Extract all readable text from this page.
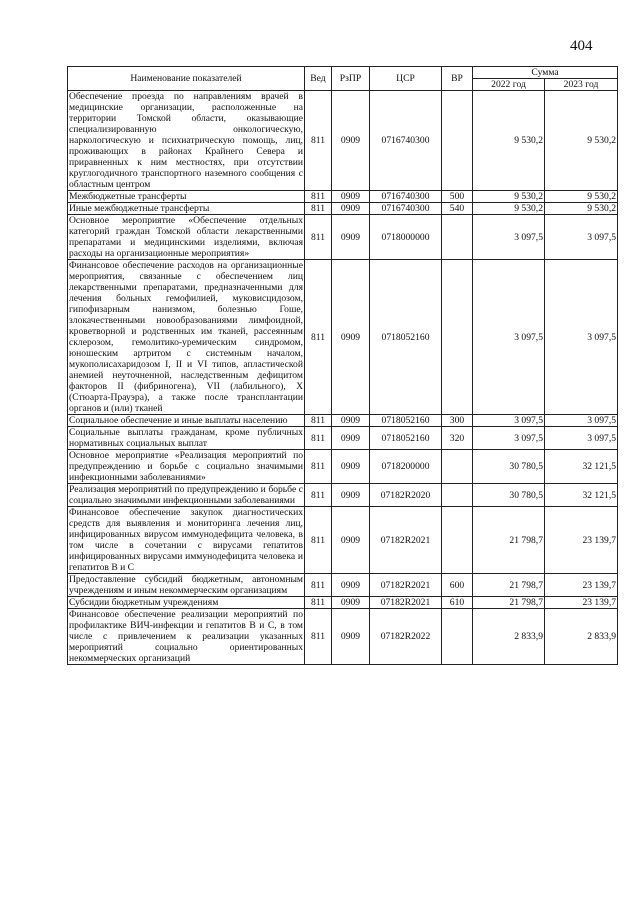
404
Наименование показателей	Вед	РзПР	ЦСР	ВР	Сумма	
					2022 год	2023 год
Обеспечение проезда по направлениям врачей в медицинские организации, расположенные на территории Томской области, оказывающие специализированную онкологическую, наркологическую и психиатрическую помощь, лиц, проживающих в районах Крайнего Севера и приравненных к ним местностях, при отсутствии круглогодичного транспортного наземного сообщения с областным центром	811	0909	0716740300		9 530,2	9 530,2
Межбюджетные трансферты	811	0909	0716740300	500	9 530,2	9 530,2
Иные межбюджетные трансферты	811	0909	0716740300	540	9 530,2	9 530,2
Основное мероприятие «Обеспечение отдельных категорий граждан Томской области лекарственными препаратами и медицинскими изделиями, включая расходы на организационные мероприятия»	811	0909	0718000000		3 097,5	3 097,5
Финансовое обеспечение расходов на организационные мероприятия, связанные с обеспечением лиц лекарственными препаратами, предназначенными для лечения больных гемофилией, муковисцидозом, гипофизарным нанизмом, болезнью Гоше, злокачественными новообразованиями лимфоидной, кроветворной и родственных им тканей, рассеянным склерозом, гемолитико-уремическим синдромом, юношеским артритом с системным началом, мукополисахаридозом I, II и VI типов, апластической анемией неуточненной, наследственным дефицитом факторов II (фибриногена), VII (лабильного), X (Стюарта-Прауэра), а также после трансплантации органов и (или) тканей	811	0909	0718052160		3 097,5	3 097,5
Социальное обеспечение и иные выплаты населению	811	0909	0718052160	300	3 097,5	3 097,5
Социальные выплаты гражданам, кроме публичных нормативных социальных выплат	811	0909	0718052160	320	3 097,5	3 097,5
Основное мероприятие «Реализация мероприятий по предупреждению и борьбе с социально значимыми инфекционными заболеваниями»	811	0909	0718200000		30 780,5	32 121,5
Реализация мероприятий по предупреждению и борьбе с социально значимыми инфекционными заболеваниями	811	0909	07182R2020		30 780,5	32 121,5
Финансовое обеспечение закупок диагностических средств для выявления и мониторинга лечения лиц, инфицированных вирусом иммунодефицита человека, в том числе в сочетании с вирусами гепатитов инфицированных вирусами иммунодефицита человека и гепатитов В и С	811	0909	07182R2021		21 798,7	23 139,7
Предоставление субсидий бюджетным, автономным учреждениям и иным некоммерческим организациям	811	0909	07182R2021	600	21 798,7	23 139,7
Субсидии бюджетным учреждениям	811	0909	07182R2021	610	21 798,7	23 139,7
Финансовое обеспечение реализации мероприятий по профилактике ВИЧ-инфекции и гепатитов В и С, в том числе с привлечением к реализации указанных мероприятий социально ориентированных некоммерческих организаций	811	0909	07182R2022		2 833,9	2 833,9
